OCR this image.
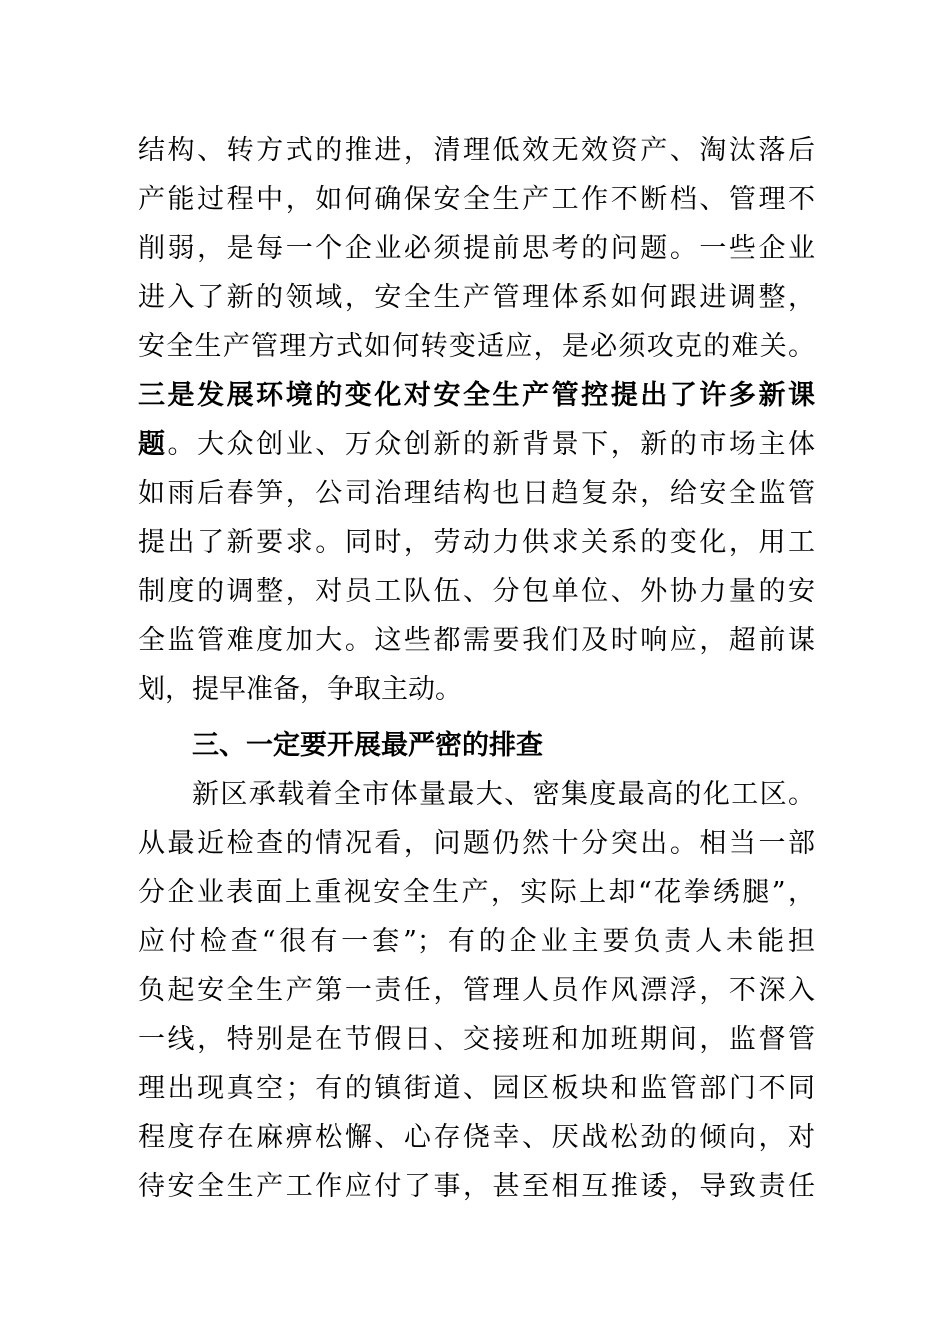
结构、转方式的推进，清理低效无效资产、淘汰落后
产能过程中，如何确保安全生产工作不断档、管理不
削弱，是每一个企业必须提前思考的问题。一些企业
进入了新的领域，安全生产管理体系如何跟进调整，
安全生产管理方式如何转变适应，是必须攻克的难关。
三是发展环境的变化对安全生产管控提出了许多新课
题。大众创业、万众创新的新背景下，新的市场主体
如雨后春笋，公司治理结构也日趋复杂，给安全监管
提出了新要求。同时，劳动力供求关系的变化，用工
制度的调整，对员工队伍、分包单位、外协力量的安
全监管难度加大。这些都需要我们及时响应，超前谋
划，提早准备，争取主动。
三、一定要开展最严密的排查
新区承载着全市体量最大、密集度最高的化工区。
从最近检查的情况看，问题仍然十分突出。相当一部
分企业表面上重视安全生产，实际上却“花拳绣腿”，
应付检查“很有一套”；有的企业主要负责人未能担
负起安全生产第一责任，管理人员作风漂浮，不深入
一线，特别是在节假日、交接班和加班期间，监督管
理出现真空；有的镇街道、园区板块和监管部门不同
程度存在麻痹松懈、心存侥幸、厌战松劲的倾向，对
待安全生产工作应付了事，甚至相互推诿，导致责任
